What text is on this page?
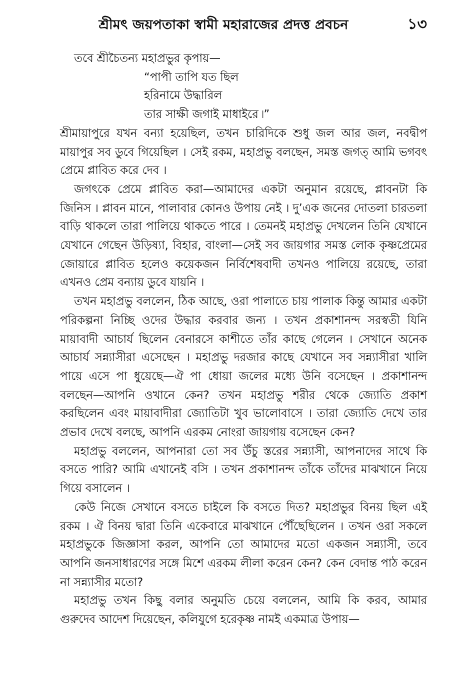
শ্রীমৎ জয়পতাকা স্বামী মহারাজের প্রদত্ত প্রবচন	১৩

তবে শ্রীচৈতন্য মহাপ্রভুর কৃপায়—

“পাপী তাপি যত ছিল
হরিনামে উদ্ধারিল
তার সাক্ষী জগাই মাধাইরে ৷”

শ্রীমায়াপুরে যখন বন্যা হয়েছিল, তখন চারিদিকে শুধু জল আর জল, নবদ্বীপ মায়াপুর সব ডুবে গিয়েছিল । সেই রকম, মহাপ্রভু বলছেন, সমস্ত জগত্‌ আমি ভগবৎ প্রেমে প্লাবিত করে দেব ।

জগৎকে প্রেমে প্লাবিত করা—আমাদের একটা অনুমান রয়েছে, প্লাবনটা কি জিনিস । প্লাবন মানে, পালাবার কোনও উপায় নেই । দু’এক জনের দোতলা চারতলা বাড়ি থাকলে তারা পালিয়ে থাকতে পারে । তেমনই মহাপ্রভু দেখলেন তিনি যেখানে যেখানে গেছেন উড়িষ্যা, বিহার, বাংলা—সেই সব জায়গার সমস্ত লোক কৃষ্ণপ্রেমের জোয়ারে প্লাবিত হলেও কয়েকজন নির্বিশেষবাদী তখনও পালিয়ে রয়েছে, তারা এখনও প্রেম বন্যায় ডুবে যায়নি ।

তখন মহাপ্রভু বললেন, ঠিক আছে, ওরা পালাতে চায় পালাক কিন্তু আমার একটা পরিকল্পনা নিচ্ছি ওদের উদ্ধার করবার জন্য । তখন প্রকাশানন্দ সরস্বতী যিনি মায়াবাদী আচার্য ছিলেন বেনারসে কাশীতে তাঁর কাছে গেলেন । সেখানে অনেক আচার্য সন্ন্যাসীরা এসেছেন । মহাপ্রভু দরজার কাছে যেখানে সব সন্ন্যাসীরা খালি পায়ে এসে পা ধুয়েছে—ঐ পা ধোয়া জলের মধ্যে উনি বসেছেন । প্রকাশানন্দ বলছেন—আপনি ওখানে কেন? তখন মহাপ্রভু শরীর থেকে জ্যোতি প্রকাশ করছিলেন এবং মায়াবাদীরা জ্যোতিটা খুব ভালোবাসে । তারা জ্যোতি দেখে তার প্রভাব দেখে বলছে, আপনি এরকম নোংরা জায়গায় বসেছেন কেন?

মহাপ্রভু বললেন, আপনারা তো সব উঁচু স্তরের সন্ন্যাসী, আপনাদের সাথে কি বসতে পারি? আমি এখানেই বসি । তখন প্রকাশানন্দ তাঁকে তাঁদের মাঝখানে নিয়ে গিয়ে বসালেন ।

কেউ নিজে সেখানে বসতে চাইলে কি বসতে দিত? মহাপ্রভুর বিনয় ছিল এই রকম । ঐ বিনয় দ্বারা তিনি একেবারে মাঝখানে পৌঁছেছিলেন । তখন ওরা সকলে মহাপ্রভুকে জিজ্ঞাসা করল, আপনি তো আমাদের মতো একজন সন্ন্যাসী, তবে আপনি জনসাধারণের সঙ্গে মিশে এরকম লীলা করেন কেন? কেন বেদান্ত পাঠ করেন না সন্ন্যাসীর মতো?

মহাপ্রভু তখন কিছু বলার অনুমতি চেয়ে বললেন, আমি কি করব, আমার গুরুদেব আদেশ দিয়েছেন, কলিযুগে হরেকৃষ্ণ নামই একমাত্র উপায়—
